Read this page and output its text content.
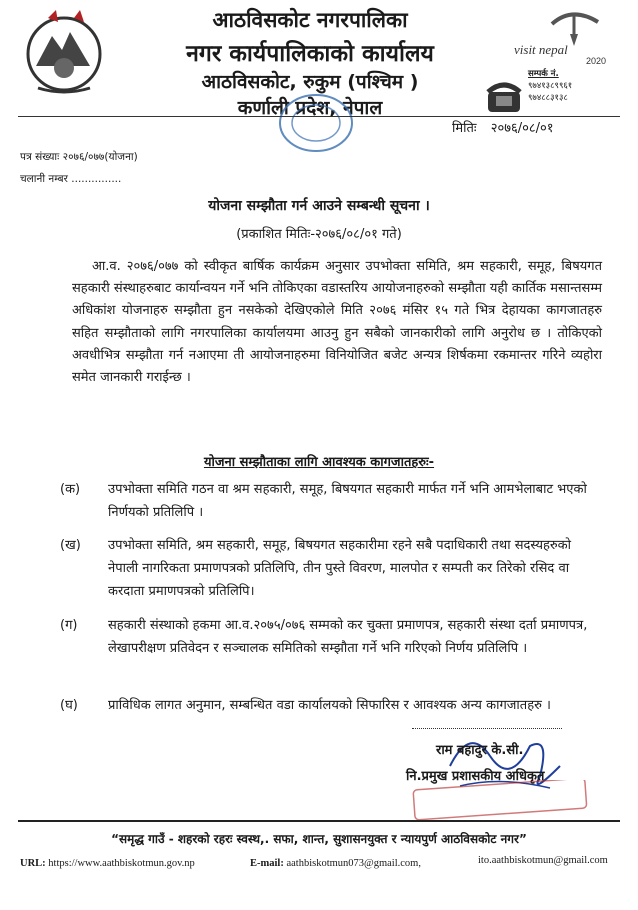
आठविसकोट नगरपालिका
नगर कार्यपालिकाको कार्यालय
आठविसकोट, रुकुम (पश्चिम )
कर्णाली प्रदेश, नेपाल
visit nepal
2020
सम्पर्क नं.
९७४१३८९९६१
९७४८८३१३८
मितिः २०७६/०८/०१
पत्र संख्याः २०७६/०७७(योजना)
चलानी नम्बर ...............
योजना सम्झौता गर्न आउने सम्बन्धी सूचना ।
(प्रकाशित मितिः-२०७६/०८/०१ गते)

आ.व. २०७६/०७७ को स्वीकृत बार्षिक कार्यक्रम अनुसार उपभोक्ता समिति, श्रम सहकारी, समूह, बिषयगत सहकारी संस्थाहरुबाट कार्यान्वयन गर्ने भनि तोकिएका वडास्तरिय आयोजनाहरुको सम्झौता यही कार्तिक मसान्तसम्म अधिकांश योजनाहरु सम्झौता हुन नसकेको देखिएकोले मिति २०७६ मंसिर १५ गते भित्र देहायका कागजातहरु सहित सम्झौताको लागि नगरपालिका कार्यालयमा आउनु हुन सबैको जानकारीको लागि अनुरोध छ । तोकिएको अवधीभित्र सम्झौता गर्न नआएमा ती आयोजनाहरुमा विनियोजित बजेट अन्यत्र शिर्षकमा रकमान्तर गरिने व्यहोरा समेत जानकारी गराईन्छ ।

योजना सम्झौताका लागि आवश्यक कागजातहरुः-
(क)	उपभोक्ता समिति गठन वा श्रम सहकारी, समूह, बिषयगत सहकारी मार्फत गर्ने भनि आमभेलाबाट भएको निर्णयको प्रतिलिपि ।
(ख)	उपभोक्ता समिति, श्रम सहकारी, समूह, बिषयगत सहकारीमा रहने सबै पदाधिकारी तथा सदस्यहरुको नेपाली नागरिकता प्रमाणपत्रको प्रतिलिपि, तीन पुस्ते विवरण, मालपोत र सम्पती कर तिरेको रसिद वा करदाता प्रमाणपत्रको प्रतिलिपि।
(ग)	सहकारी संस्थाको हकमा आ.व.२०७५/०७६ सम्मको कर चुक्ता प्रमाणपत्र, सहकारी संस्था दर्ता प्रमाणपत्र, लेखापरीक्षण प्रतिवेदन र सञ्चालक समितिको सम्झौता गर्ने भनि गरिएको निर्णय प्रतिलिपि ।
(घ)	प्राविधिक लागत अनुमान, सम्बन्धित वडा कार्यालयको सिफारिस र आवश्यक अन्य कागजातहरु ।
राम बहादुर के.सी.
नि.प्रमुख प्रशासकीय अधिकृत
“समृद्ध गाउँ - शहरको रहरः स्वस्थ,. सफा, शान्त, सुशासनयुक्त र न्यायपुर्ण आठविसकोट नगर”
URL: https://www.aathbiskotmun.gov.np	E-mail: aathbiskotmun073@gmail.com,	ito.aathbiskotmun@gmail.com
